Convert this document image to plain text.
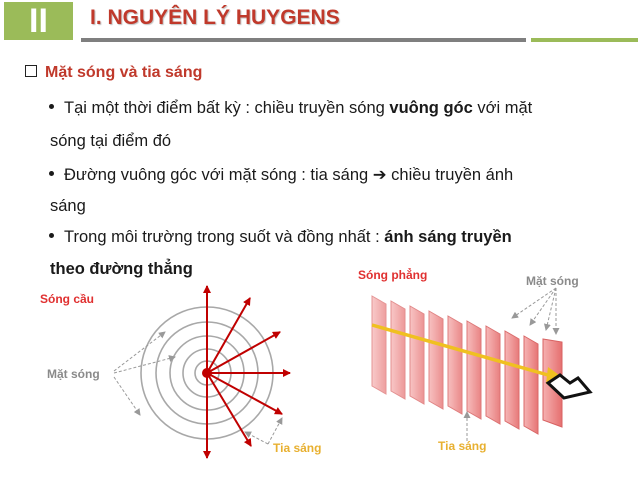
II	I. NGUYÊN LÝ HUYGENS
Mặt sóng và tia sáng
Tại một thời điểm bất kỳ : chiều truyền sóng vuông góc với mặt
sóng tại điểm đó
Đường vuông góc với mặt sóng : tia sáng ➔ chiều truyền ánh
sáng
Trong môi trường trong suốt và đồng nhất : ánh sáng truyền
theo đường thẳng
Sóng cầu
Mặt sóng
Tia sáng
Sóng phẳng	Mặt sóng
Tia sáng
